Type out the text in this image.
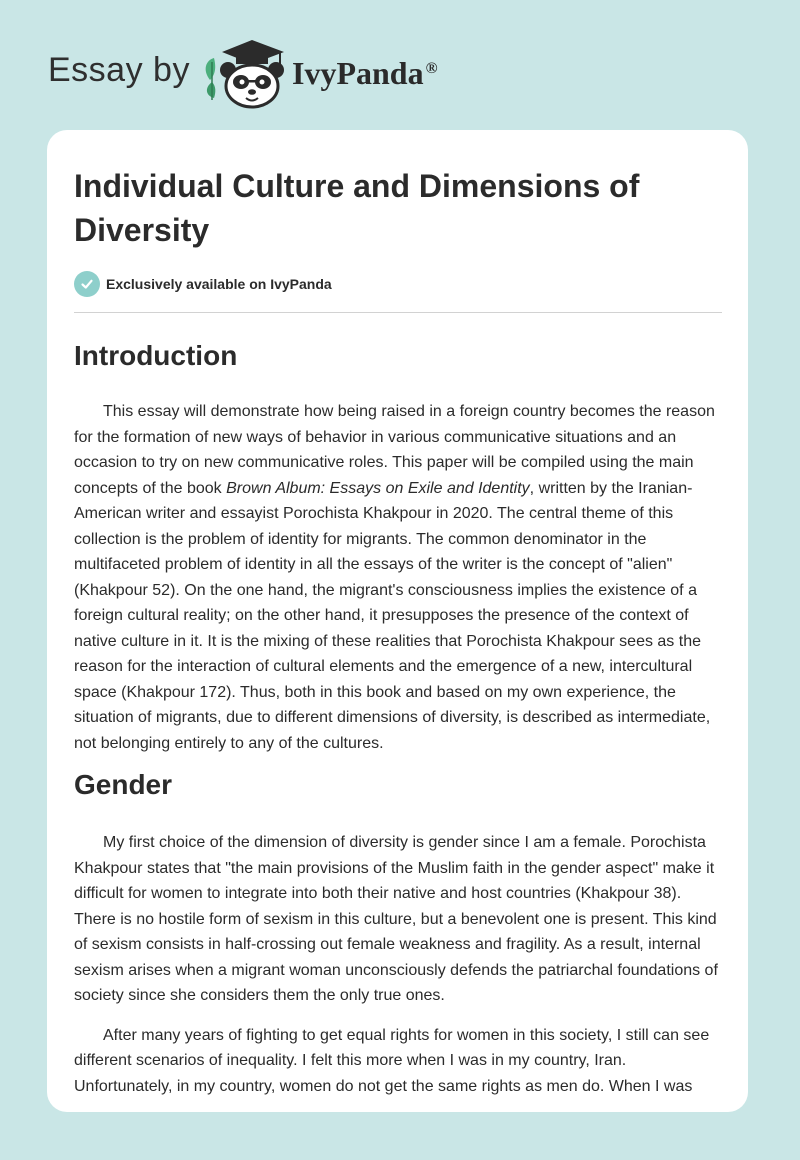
Essay by	IvyPanda ®
Individual Culture and Dimensions of Diversity
Exclusively available on IvyPanda
Introduction

This essay will demonstrate how being raised in a foreign country becomes the reason for the formation of new ways of behavior in various communicative situations and an occasion to try on new communicative roles. This paper will be compiled using the main concepts of the book Brown Album: Essays on Exile and Identity, written by the Iranian-American writer and essayist Porochista Khakpour in 2020. The central theme of this collection is the problem of identity for migrants. The common denominator in the multifaceted problem of identity in all the essays of the writer is the concept of "alien" (Khakpour 52). On the one hand, the migrant's consciousness implies the existence of a foreign cultural reality; on the other hand, it presupposes the presence of the context of native culture in it. It is the mixing of these realities that Porochista Khakpour sees as the reason for the interaction of cultural elements and the emergence of a new, intercultural space (Khakpour 172). Thus, both in this book and based on my own experience, the situation of migrants, due to different dimensions of diversity, is described as intermediate, not belonging entirely to any of the cultures.

Gender

My first choice of the dimension of diversity is gender since I am a female. Porochista Khakpour states that "the main provisions of the Muslim faith in the gender aspect" make it difficult for women to integrate into both their native and host countries (Khakpour 38). There is no hostile form of sexism in this culture, but a benevolent one is present. This kind of sexism consists in half-crossing out female weakness and fragility. As a result, internal sexism arises when a migrant woman unconsciously defends the patriarchal foundations of society since she considers them the only true ones.

After many years of fighting to get equal rights for women in this society, I still can see different scenarios of inequality. I felt this more when I was in my country, Iran. Unfortunately, in my country, women do not get the same rights as men do. When I was
